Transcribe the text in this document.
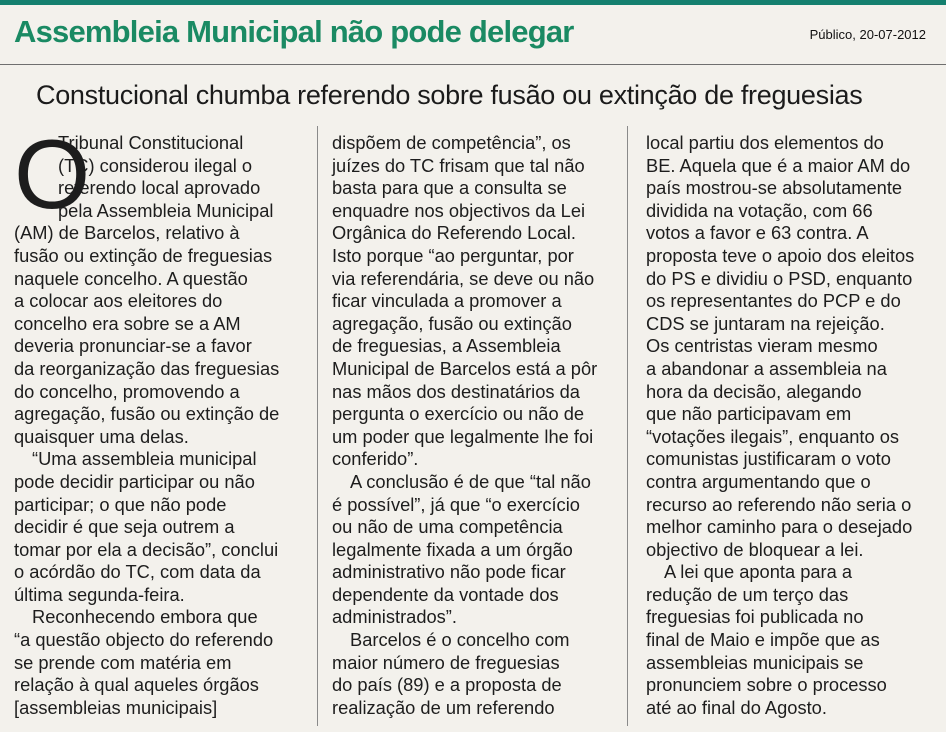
Assembleia Municipal não pode delegar	Público, 20-07-2012
Constucional chumba referendo sobre fusão ou extinção de freguesias
O
Tribunal Constitucional
(TC) considerou ilegal o
referendo local aprovado
pela Assembleia Municipal
(AM) de Barcelos, relativo à
fusão ou extinção de freguesias
naquele concelho. A questão
a colocar aos eleitores do
concelho era sobre se a AM
deveria pronunciar-se a favor
da reorganização das freguesias
do concelho, promovendo a
agregação, fusão ou extinção de
quaisquer uma delas.
“Uma assembleia municipal
pode decidir participar ou não
participar; o que não pode
decidir é que seja outrem a
tomar por ela a decisão”, conclui
o acórdão do TC, com data da
última segunda-feira.
Reconhecendo embora que
“a questão objecto do referendo
se prende com matéria em
relação à qual aqueles órgãos
[assembleias municipais]
dispõem de competência”, os
juízes do TC frisam que tal não
basta para que a consulta se
enquadre nos objectivos da Lei
Orgânica do Referendo Local.
Isto porque “ao perguntar, por
via referendária, se deve ou não
ficar vinculada a promover a
agregação, fusão ou extinção
de freguesias, a Assembleia
Municipal de Barcelos está a pôr
nas mãos dos destinatários da
pergunta o exercício ou não de
um poder que legalmente lhe foi
conferido”.
A conclusão é de que “tal não
é possível”, já que “o exercício
ou não de uma competência
legalmente fixada a um órgão
administrativo não pode ficar
dependente da vontade dos
administrados”.
Barcelos é o concelho com
maior número de freguesias
do país (89) e a proposta de
realização de um referendo
local partiu dos elementos do
BE. Aquela que é a maior AM do
país mostrou-se absolutamente
dividida na votação, com 66
votos a favor e 63 contra. A
proposta teve o apoio dos eleitos
do PS e dividiu o PSD, enquanto
os representantes do PCP e do
CDS se juntaram na rejeição.
Os centristas vieram mesmo
a abandonar a assembleia na
hora da decisão, alegando
que não participavam em
“votações ilegais”, enquanto os
comunistas justificaram o voto
contra argumentando que o
recurso ao referendo não seria o
melhor caminho para o desejado
objectivo de bloquear a lei.
A lei que aponta para a
redução de um terço das
freguesias foi publicada no
final de Maio e impõe que as
assembleias municipais se
pronunciem sobre o processo
até ao final do Agosto.
